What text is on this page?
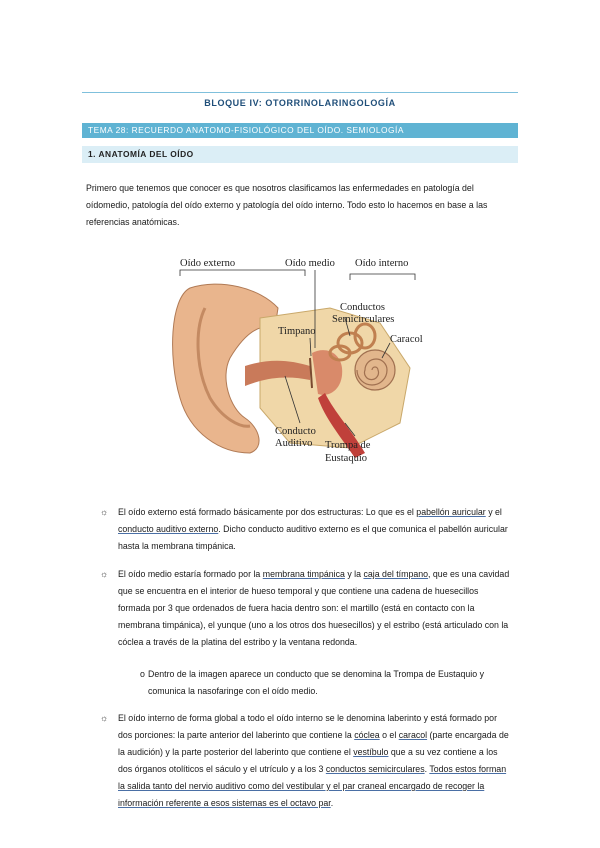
BLOQUE IV: OTORRINOLARINGOLOGÍA
TEMA 28: RECUERDO ANATOMO-FISIOLÓGICO DEL OÍDO. SEMIOLOGÍA
1. ANATOMÍA DEL OÍDO
Primero que tenemos que conocer es que nosotros clasificamos las enfermedades en patología del oídomedio, patología del oído externo y patología del oído interno. Todo esto lo hacemos en base a las referencias anatómicas.
Oído externo	Oído medio Oído interno
Conductos
Semicirculares
Timpano
Caracol
Conducto
Auditivo Trompa de
Eustaquio
☼	El oído externo está formado básicamente por dos estructuras: Lo que es el pabellón auricular y el conducto auditivo externo. Dicho conducto auditivo externo es el que comunica el pabellón auricular hasta la membrana timpánica.
☼	El oído medio estaría formado por la membrana timpánica y la caja del tímpano, que es una cavidad que se encuentra en el interior de hueso temporal y que contiene una cadena de huesecillos formada por 3 que ordenados de fuera hacia dentro son: el martillo (está en contacto con la membrana timpánica), el yunque (uno a los otros dos huesecillos) y el estribo (está articulado con la cóclea a través de la platina del estribo y la ventana redonda.
o Dentro de la imagen aparece un conducto que se denomina la Trompa de Eustaquio y comunica la nasofaringe con el oído medio.
☼	El oído interno de forma global a todo el oído interno se le denomina laberinto y está formado por dos porciones: la parte anterior del laberinto que contiene la cóclea o el caracol (parte encargada de la audición) y la parte posterior del laberinto que contiene el vestíbulo que a su vez contiene a los dos órganos otolíticos el sáculo y el utrículo y a los 3 conductos semicirculares. Todos estos forman la salida tanto del nervio auditivo como del vestibular y el par craneal encargado de recoger la información referente a esos sistemas es el octavo par.
